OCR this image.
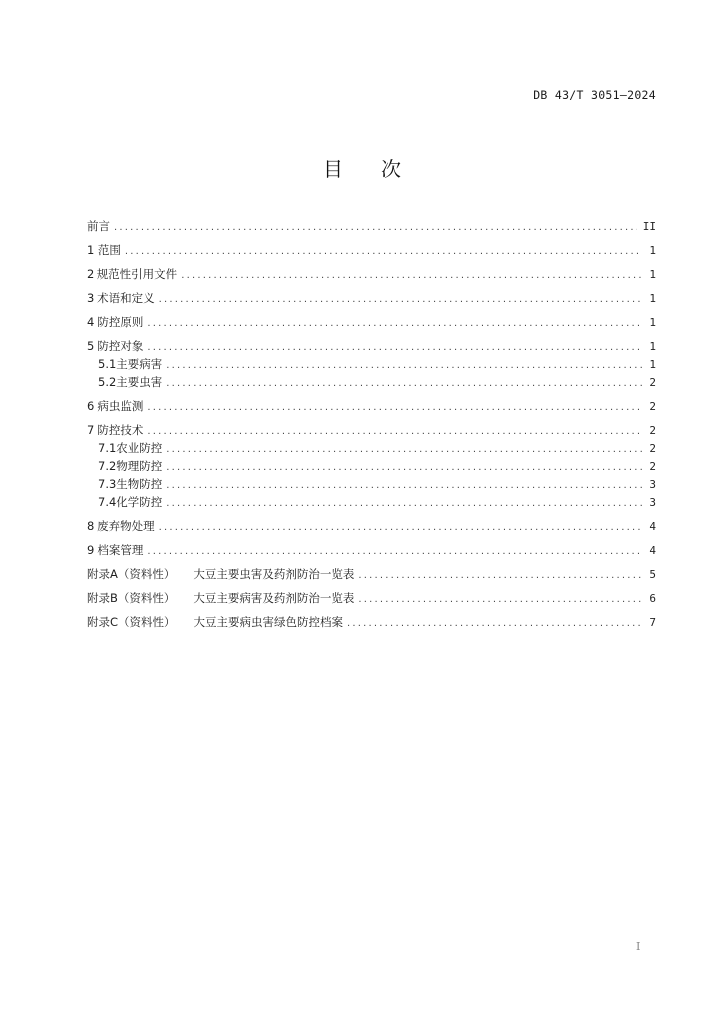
DB 43/T 3051—2024
目 次
前言 .....	II
1 范围 .....	1
2 规范性引用文件 .....	1
3 术语和定义 .....	1
4 防控原则 .....	1
5 防控对象 .....	1
5.1 主要病害 .....	1
5.2 主要虫害 .....	2
6 病虫监测 .....	2
7 防控技术 .....	2
7.1 农业防控 .....	2
7.2 物理防控 .....	2
7.3 生物防控 .....	3
7.4 化学防控 .....	3
8 废弃物处理 .....	4
9 档案管理 .....	4
附录A（资料性） 大豆主要虫害及药剂防治一览表 .....	5
附录B（资料性） 大豆主要病害及药剂防治一览表 .....	6
附录C（资料性） 大豆主要病虫害绿色防控档案 .....	7
I
